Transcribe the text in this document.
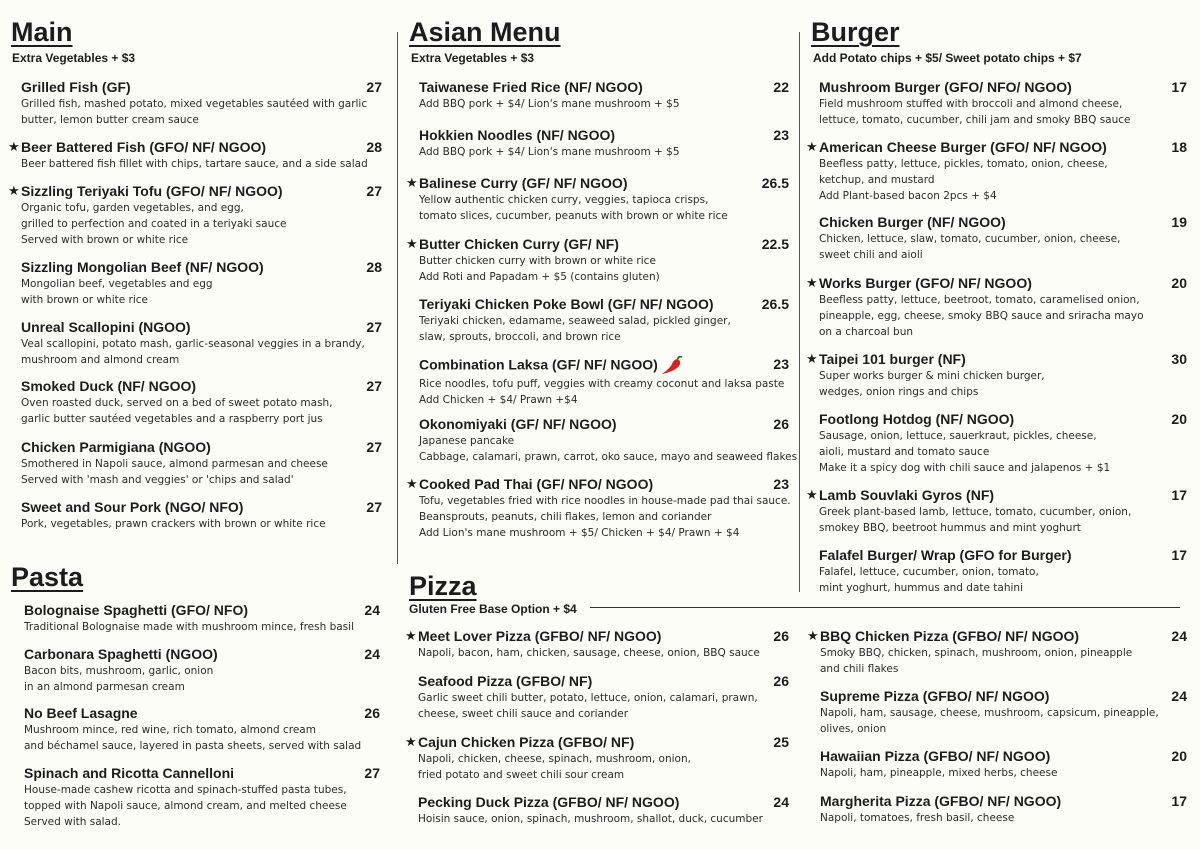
Main
Extra Vegetables + $3
Pasta
Asian Menu
Extra Vegetables + $3
Burger
Add Potato chips + $5/ Sweet potato chips + $7
Pizza
Gluten Free Base Option + $4
Grilled Fish (GF)	27
Grilled fish, mashed potato, mixed vegetables sautéed with garlic
butter, lemon butter cream sauce
★ Beer Battered Fish (GFO/ NF/ NGOO)	28
Beer battered fish fillet with chips, tartare sauce, and a side salad
★ Sizzling Teriyaki Tofu (GFO/ NF/ NGOO)	27
Organic tofu, garden vegetables, and egg,
grilled to perfection and coated in a teriyaki sauce
Served with brown or white rice
Sizzling Mongolian Beef (NF/ NGOO)	28
Mongolian beef, vegetables and egg
with brown or white rice
Unreal Scallopini (NGOO)	27
Veal scallopini, potato mash, garlic-seasonal veggies in a brandy,
mushroom and almond cream
Smoked Duck (NF/ NGOO)	27
Oven roasted duck, served on a bed of sweet potato mash,
garlic butter sautéed vegetables and a raspberry port jus
Chicken Parmigiana (NGOO)	27
Smothered in Napoli sauce, almond parmesan and cheese
Served with 'mash and veggies' or 'chips and salad'
Sweet and Sour Pork (NGO/ NFO)	27
Pork, vegetables, prawn crackers with brown or white rice
Bolognaise Spaghetti (GFO/ NFO)	24
Traditional Bolognaise made with mushroom mince, fresh basil
Carbonara Spaghetti (NGOO)	24
Bacon bits, mushroom, garlic, onion
in an almond parmesan cream
No Beef Lasagne	26
Mushroom mince, red wine, rich tomato, almond cream
and béchamel sauce, layered in pasta sheets, served with salad
Spinach and Ricotta Cannelloni	27
House-made cashew ricotta and spinach-stuffed pasta tubes,
topped with Napoli sauce, almond cream, and melted cheese
Served with salad.
Taiwanese Fried Rice (NF/ NGOO)	22
Add BBQ pork + $4/ Lion's mane mushroom + $5
Hokkien Noodles (NF/ NGOO)	23
Add BBQ pork + $4/ Lion's mane mushroom + $5
★ Balinese Curry (GF/ NF/ NGOO)	26.5
Yellow authentic chicken curry, veggies, tapioca crisps,
tomato slices, cucumber, peanuts with brown or white rice
★ Butter Chicken Curry (GF/ NF)	22.5
Butter chicken curry with brown or white rice
Add Roti and Papadam + $5 (contains gluten)
Teriyaki Chicken Poke Bowl (GF/ NF/ NGOO)	26.5
Teriyaki chicken, edamame, seaweed salad, pickled ginger,
slaw, sprouts, broccoli, and brown rice
Combination Laksa (GF/ NF/ NGOO)	23
Rice noodles, tofu puff, veggies with creamy coconut and laksa paste
Add Chicken + $4/ Prawn +$4
Okonomiyaki (GF/ NF/ NGOO)	26
Japanese pancake
Cabbage, calamari, prawn, carrot, oko sauce, mayo and seaweed flakes
★ Cooked Pad Thai (GF/ NFO/ NGOO)	23
Tofu, vegetables fried with rice noodles in house-made pad thai sauce.
Beansprouts, peanuts, chili flakes, lemon and coriander
Add Lion's mane mushroom + $5/ Chicken + $4/ Prawn + $4
Mushroom Burger (GFO/ NFO/ NGOO)	17
Field mushroom stuffed with broccoli and almond cheese,
lettuce, tomato, cucumber, chili jam and smoky BBQ sauce
★ American Cheese Burger (GFO/ NF/ NGOO)	18
Beefless patty, lettuce, pickles, tomato, onion, cheese,
ketchup, and mustard
Add Plant-based bacon 2pcs + $4
Chicken Burger (NF/ NGOO)	19
Chicken, lettuce, slaw, tomato, cucumber, onion, cheese,
sweet chili and aioli
★ Works Burger (GFO/ NF/ NGOO)	20
Beefless patty, lettuce, beetroot, tomato, caramelised onion,
pineapple, egg, cheese, smoky BBQ sauce and sriracha mayo
on a charcoal bun
★ Taipei 101 burger (NF)	30
Super works burger & mini chicken burger,
wedges, onion rings and chips
Footlong Hotdog (NF/ NGOO)	20
Sausage, onion, lettuce, sauerkraut, pickles, cheese,
aioli, mustard and tomato sauce
Make it a spicy dog with chili sauce and jalapenos + $1
★ Lamb Souvlaki Gyros (NF)	17
Greek plant-based lamb, lettuce, tomato, cucumber, onion,
smokey BBQ, beetroot hummus and mint yoghurt
Falafel Burger/ Wrap (GFO for Burger)	17
Falafel, lettuce, cucumber, onion, tomato,
mint yoghurt, hummus and date tahini
★ Meet Lover Pizza (GFBO/ NF/ NGOO)	26
Napoli, bacon, ham, chicken, sausage, cheese, onion, BBQ sauce
Seafood Pizza (GFBO/ NF)	26
Garlic sweet chili butter, potato, lettuce, onion, calamari, prawn,
cheese, sweet chili sauce and coriander
★ Cajun Chicken Pizza (GFBO/ NF)	25
Napoli, chicken, cheese, spinach, mushroom, onion,
fried potato and sweet chili sour cream
Pecking Duck Pizza (GFBO/ NF/ NGOO)	24
Hoisin sauce, onion, spinach, mushroom, shallot, duck, cucumber
★ BBQ Chicken Pizza (GFBO/ NF/ NGOO)	24
Smoky BBQ, chicken, spinach, mushroom, onion, pineapple
and chili flakes
Supreme Pizza (GFBO/ NF/ NGOO)	24
Napoli, ham, sausage, cheese, mushroom, capsicum, pineapple,
olives, onion
Hawaiian Pizza (GFBO/ NF/ NGOO)	20
Napoli, ham, pineapple, mixed herbs, cheese
Margherita Pizza (GFBO/ NF/ NGOO)	17
Napoli, tomatoes, fresh basil, cheese
